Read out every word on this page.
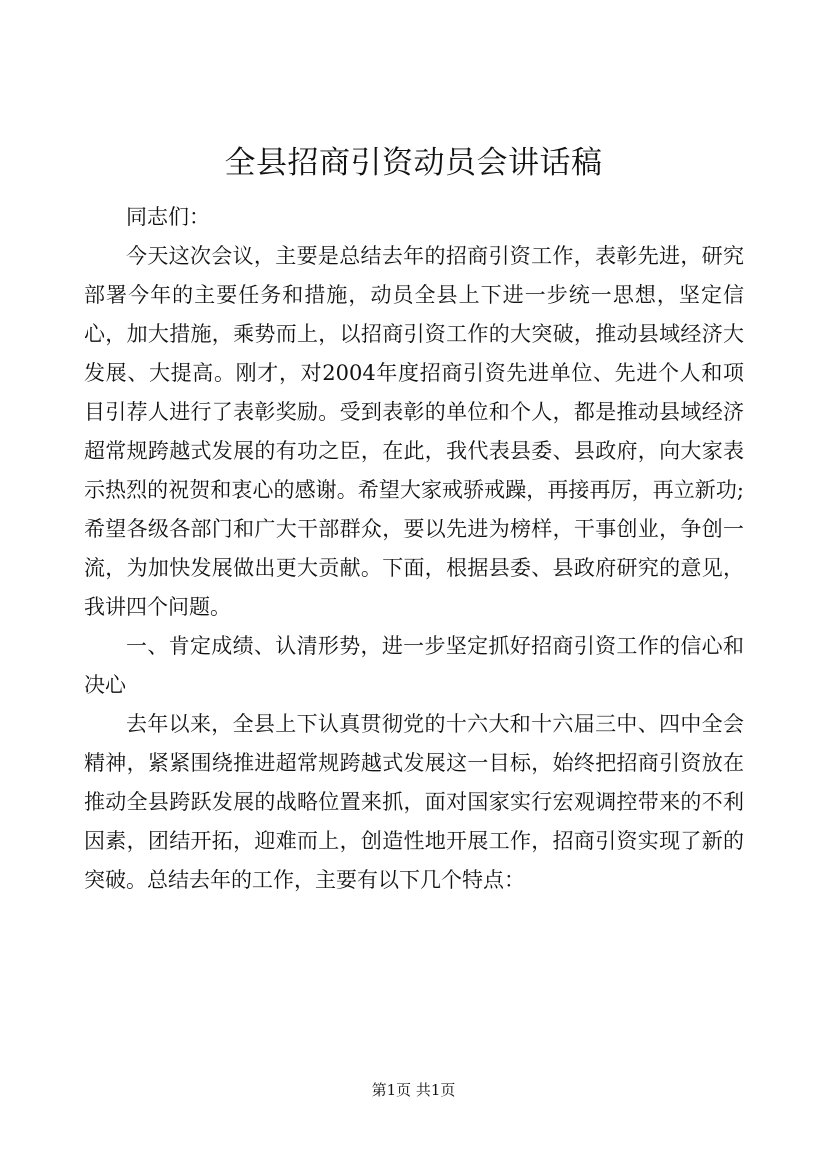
全县招商引资动员会讲话稿

同志们：

今天这次会议，主要是总结去年的招商引资工作，表彰先进，研究部署今年的主要任务和措施，动员全县上下进一步统一思想，坚定信心，加大措施，乘势而上，以招商引资工作的大突破，推动县域经济大发展、大提高。刚才，对2004年度招商引资先进单位、先进个人和项目引荐人进行了表彰奖励。受到表彰的单位和个人，都是推动县域经济超常规跨越式发展的有功之臣，在此，我代表县委、县政府，向大家表示热烈的祝贺和衷心的感谢。希望大家戒骄戒躁，再接再厉，再立新功;希望各级各部门和广大干部群众，要以先进为榜样，干事创业，争创一流，为加快发展做出更大贡献。下面，根据县委、县政府研究的意见，我讲四个问题。

一、肯定成绩、认清形势，进一步坚定抓好招商引资工作的信心和决心

去年以来，全县上下认真贯彻党的十六大和十六届三中、四中全会精神，紧紧围绕推进超常规跨越式发展这一目标，始终把招商引资放在推动全县跨跃发展的战略位置来抓，面对国家实行宏观调控带来的不利因素，团结开拓，迎难而上，创造性地开展工作，招商引资实现了新的突破。总结去年的工作，主要有以下几个特点：

第1页 共1页
